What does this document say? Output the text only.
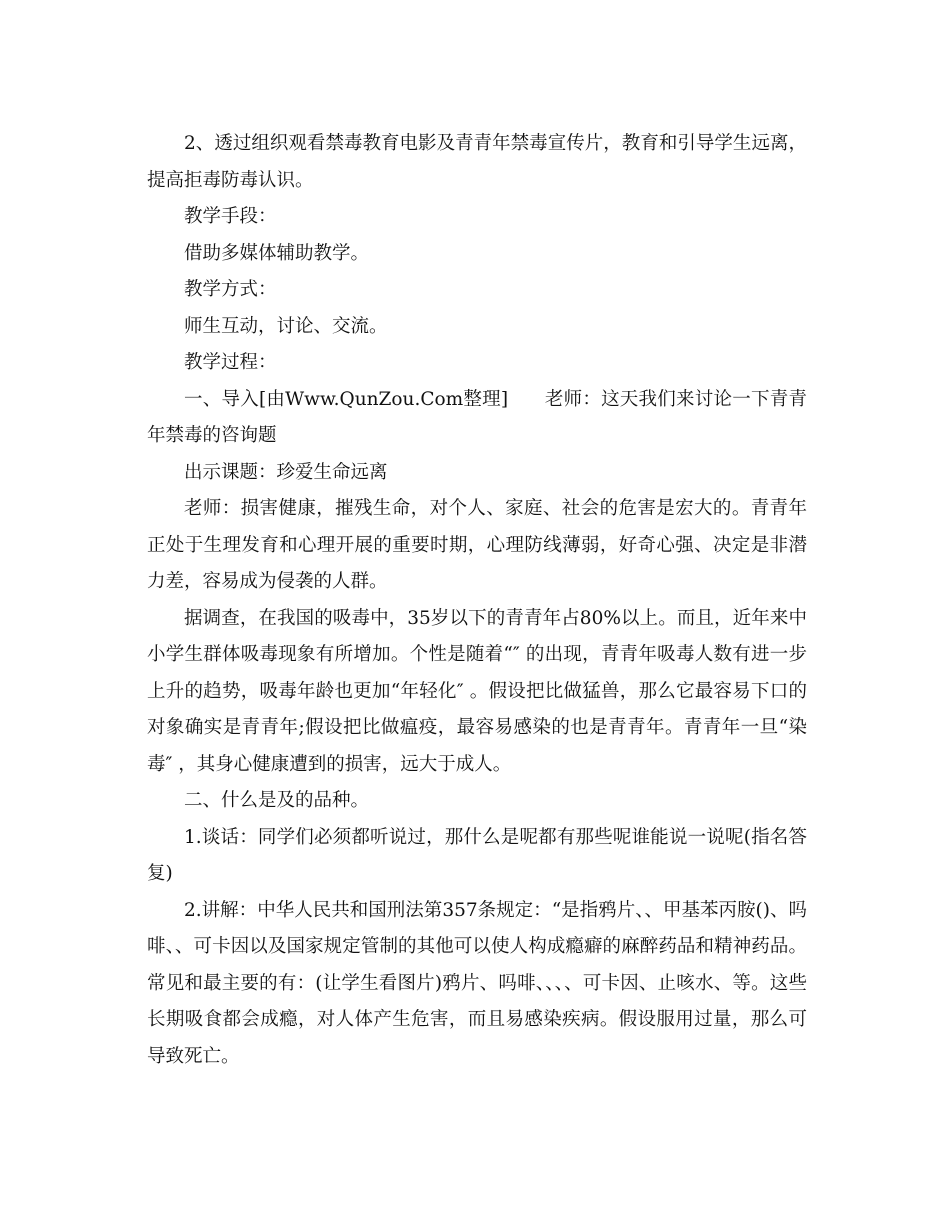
2、透过组织观看禁毒教育电影及青青年禁毒宣传片，教育和引导学生远离，提高拒毒防毒认识。

教学手段：

借助多媒体辅助教学。

教学方式：

师生互动，讨论、交流。

教学过程：

一、导入[由Www.QunZou.Com整理]      老师：这天我们来讨论一下青青年禁毒的咨询题

出示课题：珍爱生命远离

老师：损害健康，摧残生命，对个人、家庭、社会的危害是宏大的。青青年正处于生理发育和心理开展的重要时期，心理防线薄弱，好奇心强、决定是非潜力差，容易成为侵袭的人群。

据调查，在我国的吸毒中，35岁以下的青青年占80%以上。而且，近年来中小学生群体吸毒现象有所增加。个性是随着“″ 的出现，青青年吸毒人数有进一步上升的趋势，吸毒年龄也更加“年轻化″ 。假设把比做猛兽，那么它最容易下口的对象确实是青青年;假设把比做瘟疫，最容易感染的也是青青年。青青年一旦“染毒″ ，其身心健康遭到的损害，远大于成人。

二、什么是及的品种。

1.谈话：同学们必须都听说过，那什么是呢都有那些呢谁能说一说呢(指名答复)

2.讲解：中华人民共和国刑法第357条规定：“是指鸦片、、甲基苯丙胺()、吗啡、、可卡因以及国家规定管制的其他可以使人构成瘾癖的麻醉药品和精神药品。常见和最主要的有：(让学生看图片)鸦片、吗啡、、、、可卡因、止咳水、等。这些长期吸食都会成瘾，对人体产生危害，而且易感染疾病。假设服用过量，那么可导致死亡。
